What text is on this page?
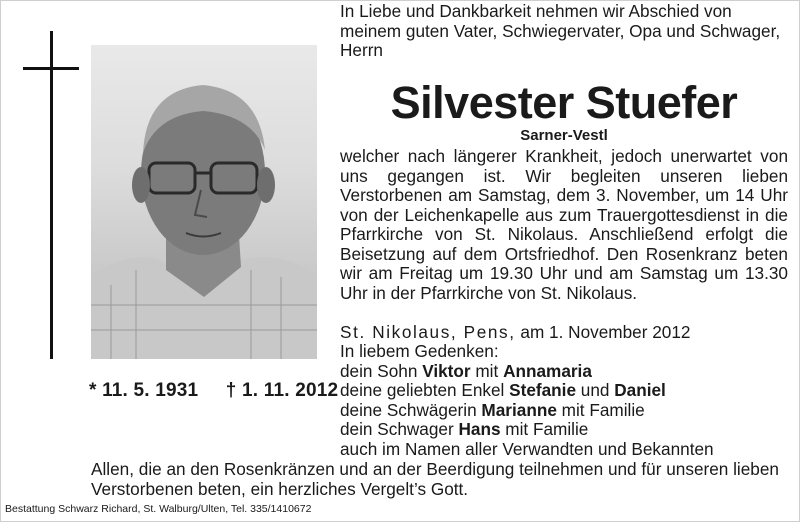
* 11. 5. 1931 † 1. 11. 2012
In Liebe und Dankbarkeit nehmen wir Abschied von meinem guten Vater, Schwiegervater, Opa und Schwager, Herrn
Silvester Stuefer
Sarner-Vestl
welcher nach längerer Krankheit, jedoch unerwartet von uns gegangen ist. Wir begleiten unseren lieben Verstorbenen am Samstag, dem 3. November, um 14 Uhr von der Leichenkapelle aus zum Trauergottesdienst in die Pfarrkirche von St. Nikolaus. Anschließend erfolgt die Beisetzung auf dem Ortsfriedhof. Den Rosenkranz beten wir am Freitag um 19.30 Uhr und am Samstag um 13.30 Uhr in der Pfarrkirche von St. Nikolaus.
St. Nikolaus, Pens, am 1. November 2012
In liebem Gedenken:
dein Sohn Viktor mit Annamaria
deine geliebten Enkel Stefanie und Daniel
deine Schwägerin Marianne mit Familie
dein Schwager Hans mit Familie
auch im Namen aller Verwandten und Bekannten
Allen, die an den Rosenkränzen und an der Beerdigung teilnehmen und für unseren lieben Verstorbenen beten, ein herzliches Vergelt’s Gott.
Bestattung Schwarz Richard, St. Walburg/Ulten, Tel. 335/1410672
